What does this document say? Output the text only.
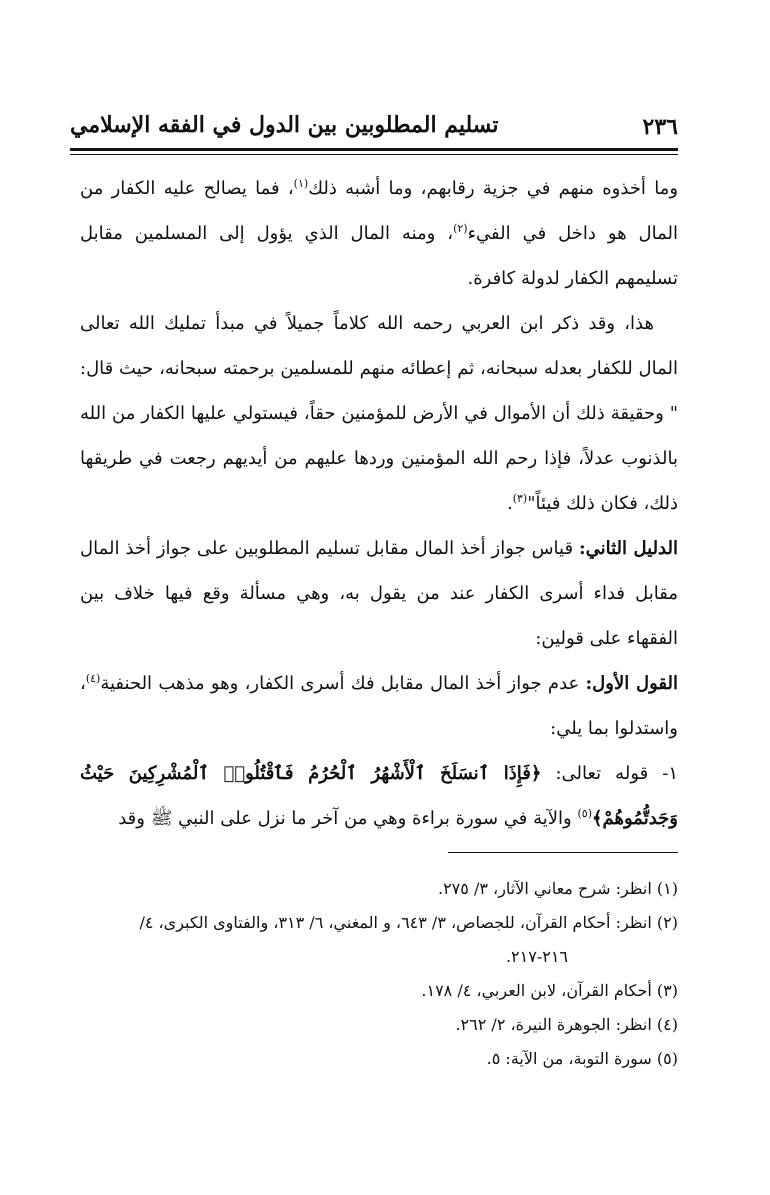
٢٣٦
تسليم المطلوبين بين الدول في الفقه الإسلامي

وما أخذوه منهم في جزية رقابهم، وما أشبه ذلك$^{(١)}$، فما يصالح عليه الكفار من المال هو داخل في الفيء$^{(٢)}$، ومنه المال الذي يؤول إلى المسلمين مقابل تسليمهم الكفار لدولة كافرة.

هذا، وقد ذكر ابن العربي رحمه الله كلاماً جميلاً في مبدأ تمليك الله تعالى المال للكفار بعدله سبحانه، ثم إعطائه منهم للمسلمين برحمته سبحانه، حيث قال: " وحقيقة ذلك أن الأموال في الأرض للمؤمنين حقاً، فيستولي عليها الكفار من الله بالذنوب عدلاً، فإذا رحم الله المؤمنين وردها عليهم من أيديهم رجعت في طريقها ذلك، فكان ذلك فيئاً"$^{(٣)}$.

الدليل الثاني: قياس جواز أخذ المال مقابل تسليم المطلوبين على جواز أخذ المال مقابل فداء أسرى الكفار عند من يقول به، وهي مسألة وقع فيها خلاف بين الفقهاء على قولين:

القول الأول: عدم جواز أخذ المال مقابل فك أسرى الكفار، وهو مذهب الحنفية$^{(٤)}$، واستدلوا بما يلي:

١- قوله تعالى: ﴿فَإِذَا ٱنسَلَخَ ٱلْأَشْهُرُ ٱلْحُرُمُ فَٱقْتُلُوا۟ ٱلْمُشْرِكِينَ حَيْثُ وَجَدتُّمُوهُمْ﴾$^{(٥)}$ والآية في سورة براءة وهي من آخر ما نزل على النبي ﷺ وقد

(١) انظر: شرح معاني الآثار، ٣/ ٢٧٥.

(٢) انظر: أحكام القرآن، للجصاص، ٣/ ٦٤٣، و المغني، ٦/ ٣١٣، والفتاوى الكبرى، ٤/

٢١٦-٢١٧.

(٣) أحكام القرآن، لابن العربي، ٤/ ١٧٨.

(٤) انظر: الجوهرة النيرة، ٢/ ٢٦٢.

(٥) سورة التوبة، من الآية: ٥.
